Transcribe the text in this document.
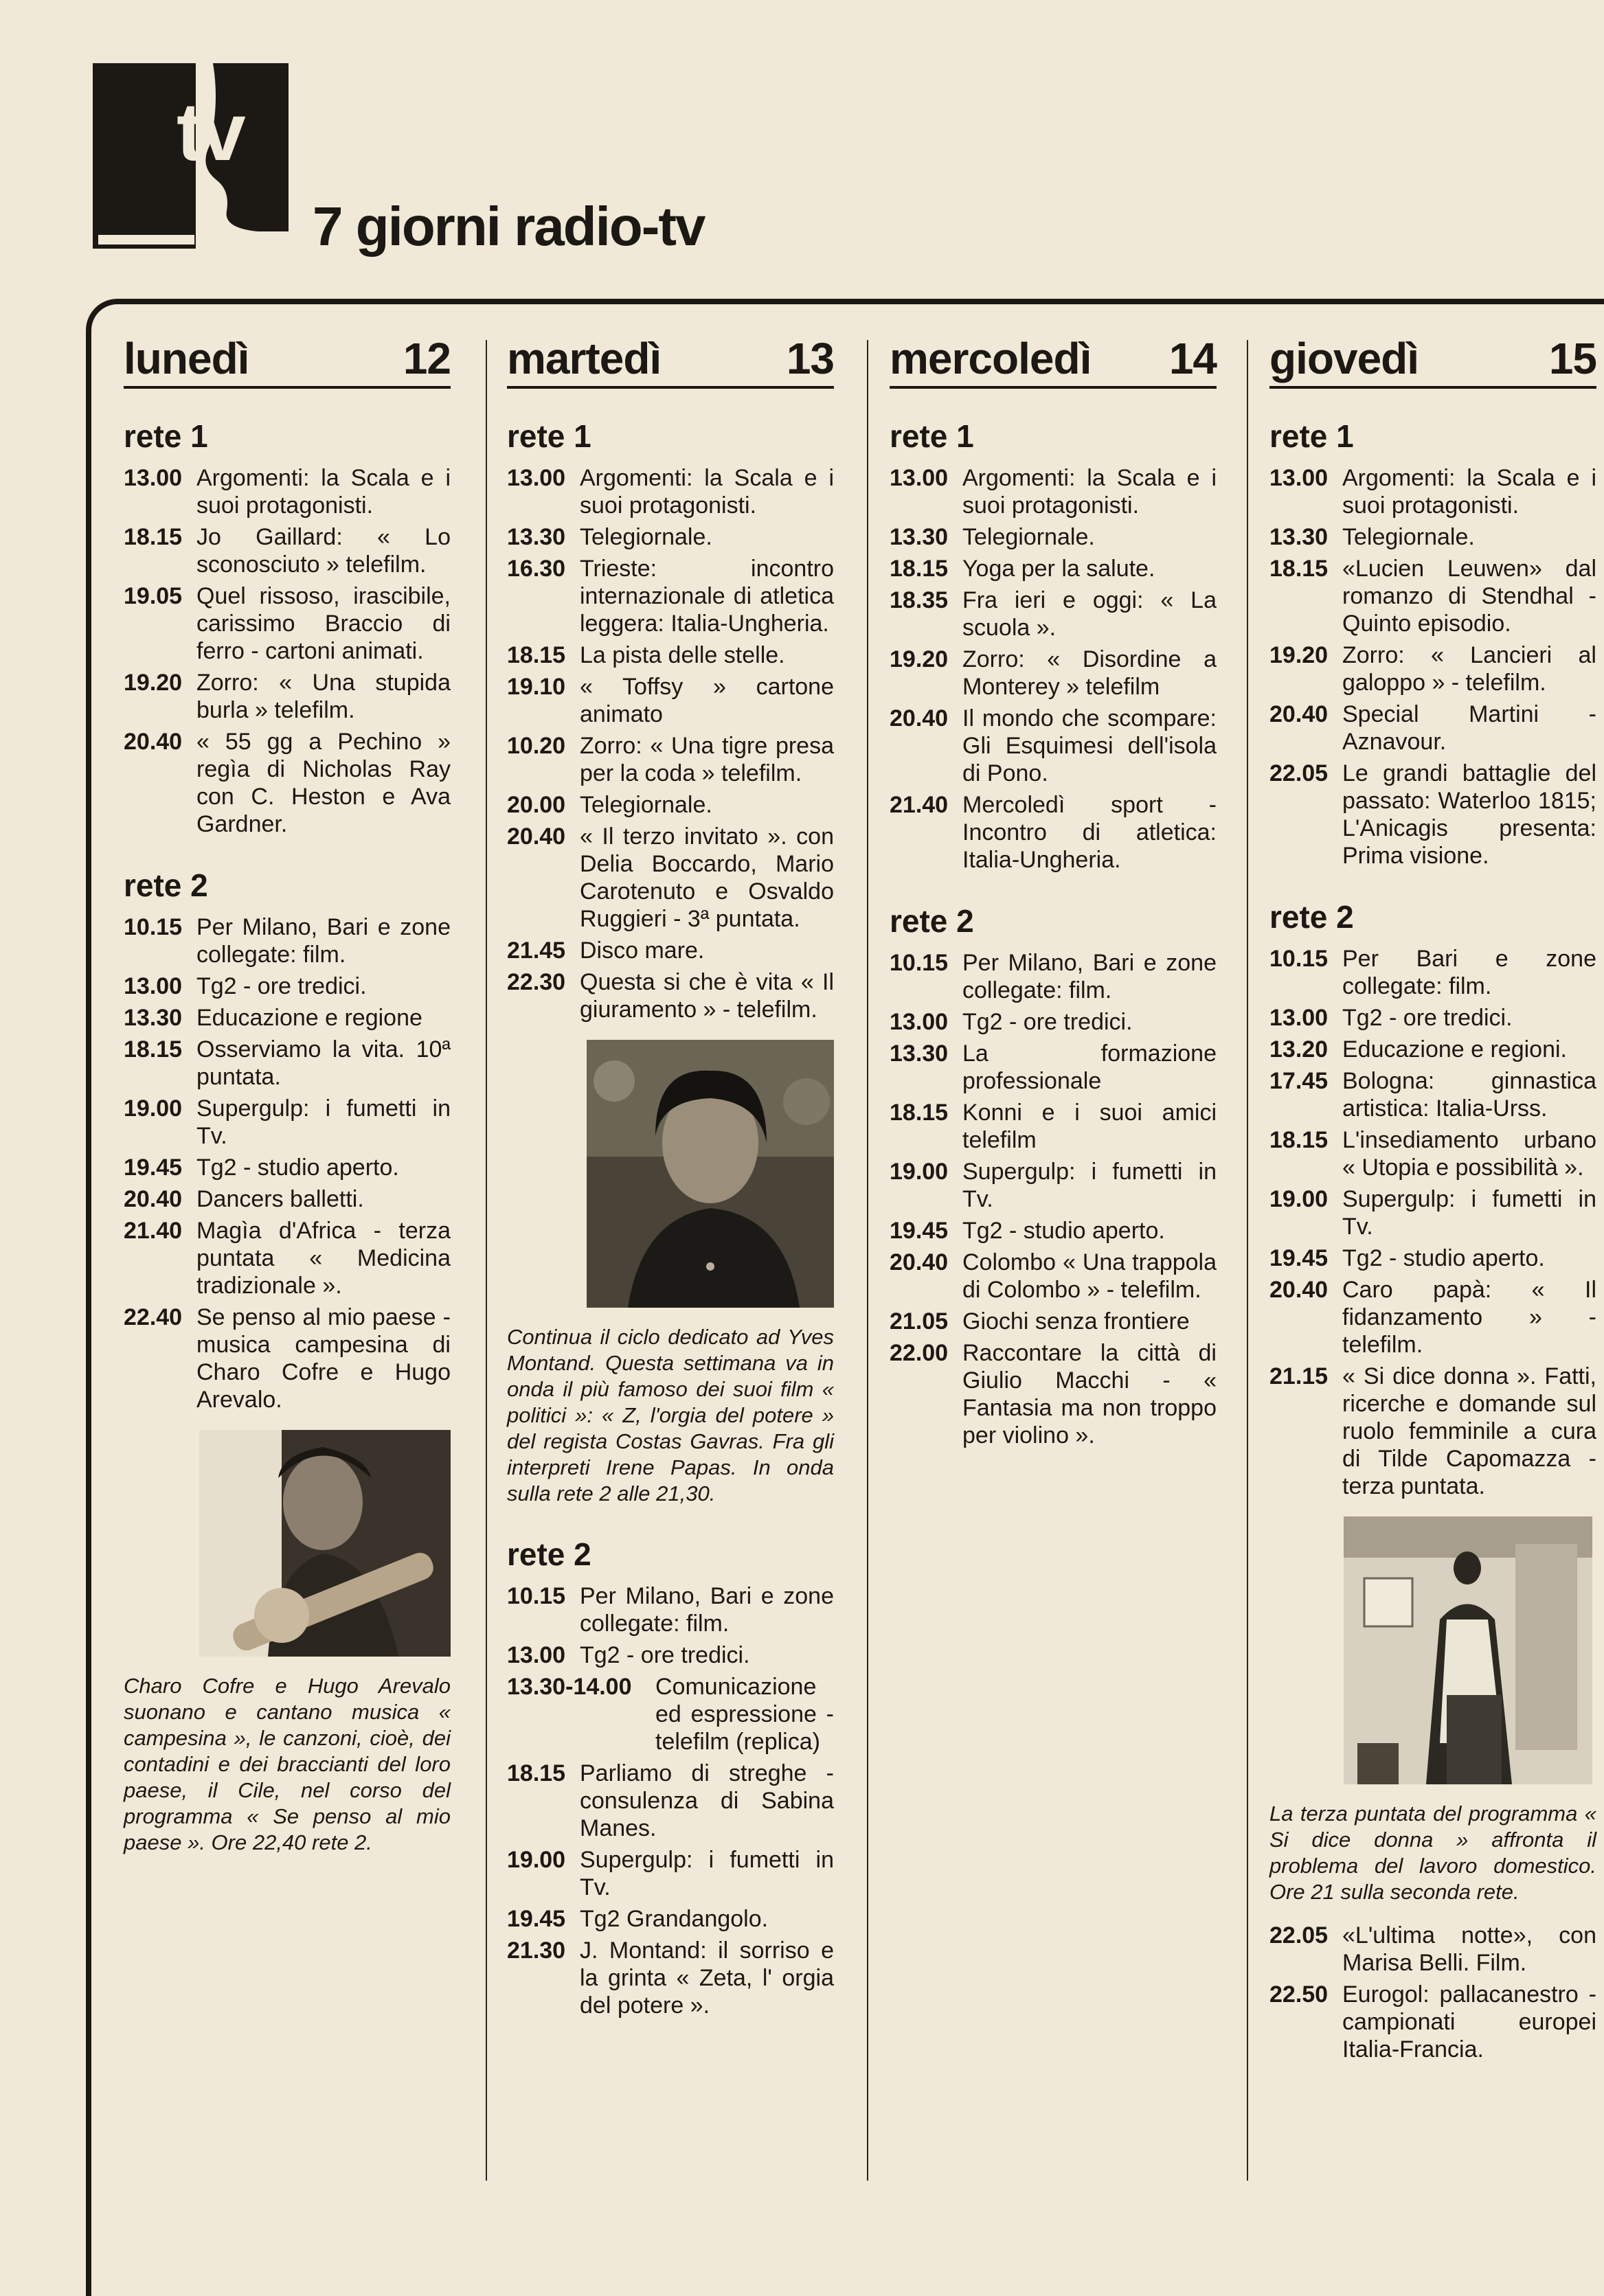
tv
7 giorni radio-tv
lunedì	12
rete 1
13.00 Argomenti: la Scala e i suoi protagonisti.
18.15 Jo Gaillard: « Lo sconosciuto » telefilm.
19.05 Quel rissoso, irascibile, carissimo Braccio di ferro - cartoni animati.
19.20 Zorro: « Una stupida burla » telefilm.
20.40 « 55 gg a Pechino » regìa di Nicholas Ray con C. Heston e Ava Gardner.
rete 2
10.15 Per Milano, Bari e zone collegate: film.
13.00 Tg2 - ore tredici.
13.30 Educazione e regione
18.15 Osserviamo la vita. 10ª puntata.
19.00 Supergulp: i fumetti in Tv.
19.45 Tg2 - studio aperto.
20.40 Dancers balletti.
21.40 Magìa d'Africa - terza puntata « Medicina tradizionale ».
22.40 Se penso al mio paese - musica campesina di Charo Cofre e Hugo Arevalo.
Charo Cofre e Hugo Arevalo suonano e cantano musica « campesina », le canzoni, cioè, dei contadini e dei braccianti del loro paese, il Cile, nel corso del programma « Se penso al mio paese ». Ore 22,40 rete 2.
martedì	13
rete 1
13.00 Argomenti: la Scala e i suoi protagonisti.
13.30 Telegiornale.
16.30 Trieste: incontro internazionale di atletica leggera: Italia-Ungheria.
18.15 La pista delle stelle.
19.10 « Toffsy » cartone animato
10.20 Zorro: « Una tigre presa per la coda » telefilm.
20.00 Telegiornale.
20.40 « Il terzo invitato ». con Delia Boccardo, Mario Carotenuto e Osvaldo Ruggieri - 3ª puntata.
21.45 Disco mare.
22.30 Questa si che è vita « Il giuramento » - telefilm.
Continua il ciclo dedicato ad Yves Montand. Questa settimana va in onda il più famoso dei suoi film « politici »: « Z, l'orgia del potere » del regista Costas Gavras. Fra gli interpreti Irene Papas. In onda sulla rete 2 alle 21,30.
rete 2
10.15 Per Milano, Bari e zone collegate: film.
13.00 Tg2 - ore tredici.
13.30-14.00	Comunicazione ed espressione - telefilm (replica)
18.15 Parliamo di streghe - consulenza di Sabina Manes.
19.00 Supergulp: i fumetti in Tv.
19.45 Tg2 Grandangolo.
21.30 J. Montand: il sorriso e la grinta « Zeta, l' orgia del potere ».
mercoledì 14
rete 1
13.00 Argomenti: la Scala e i suoi protagonisti.
13.30 Telegiornale.
18.15 Yoga per la salute.
18.35 Fra ieri e oggi: « La scuola ».
19.20 Zorro: « Disordine a Monterey » telefilm
20.40 Il mondo che scompare: Gli Esquimesi dell'isola di Pono.
21.40 Mercoledì sport - Incontro di atletica: Italia-Ungheria.
rete 2
10.15 Per Milano, Bari e zone collegate: film.
13.00 Tg2 - ore tredici.
13.30 La formazione professionale
18.15 Konni e i suoi amici telefilm
19.00 Supergulp: i fumetti in Tv.
19.45 Tg2 - studio aperto.
20.40 Colombo « Una trappola di Colombo » - telefilm.
21.05 Giochi senza frontiere
22.00 Raccontare la città di Giulio Macchi - « Fantasia ma non troppo per violino ».
giovedì	15
rete 1
13.00 Argomenti: la Scala e i suoi protagonisti.
13.30 Telegiornale.
18.15 «Lucien Leuwen» dal romanzo di Stendhal - Quinto episodio.
19.20 Zorro: « Lancieri al galoppo » - telefilm.
20.40 Special Martini - Aznavour.
22.05 Le grandi battaglie del passato: Waterloo 1815; L'Anicagis presenta: Prima visione.
rete 2
10.15 Per Bari e zone collegate: film.
13.00 Tg2 - ore tredici.
13.20 Educazione e regioni.
17.45 Bologna: ginnastica artistica: Italia-Urss.
18.15 L'insediamento urbano « Utopia e possibilità ».
19.00 Supergulp: i fumetti in Tv.
19.45 Tg2 - studio aperto.
20.40 Caro papà: « Il fidanzamento » - telefilm.
21.15 « Si dice donna ». Fatti, ricerche e domande sul ruolo femminile a cura di Tilde Capomazza - terza puntata.
La terza puntata del programma « Si dice donna » affronta il problema del lavoro domestico. Ore 21 sulla seconda rete.
22.05 «L'ultima notte», con Marisa Belli. Film.
22.50 Eurogol: pallacanestro - campionati europei Italia-Francia.
